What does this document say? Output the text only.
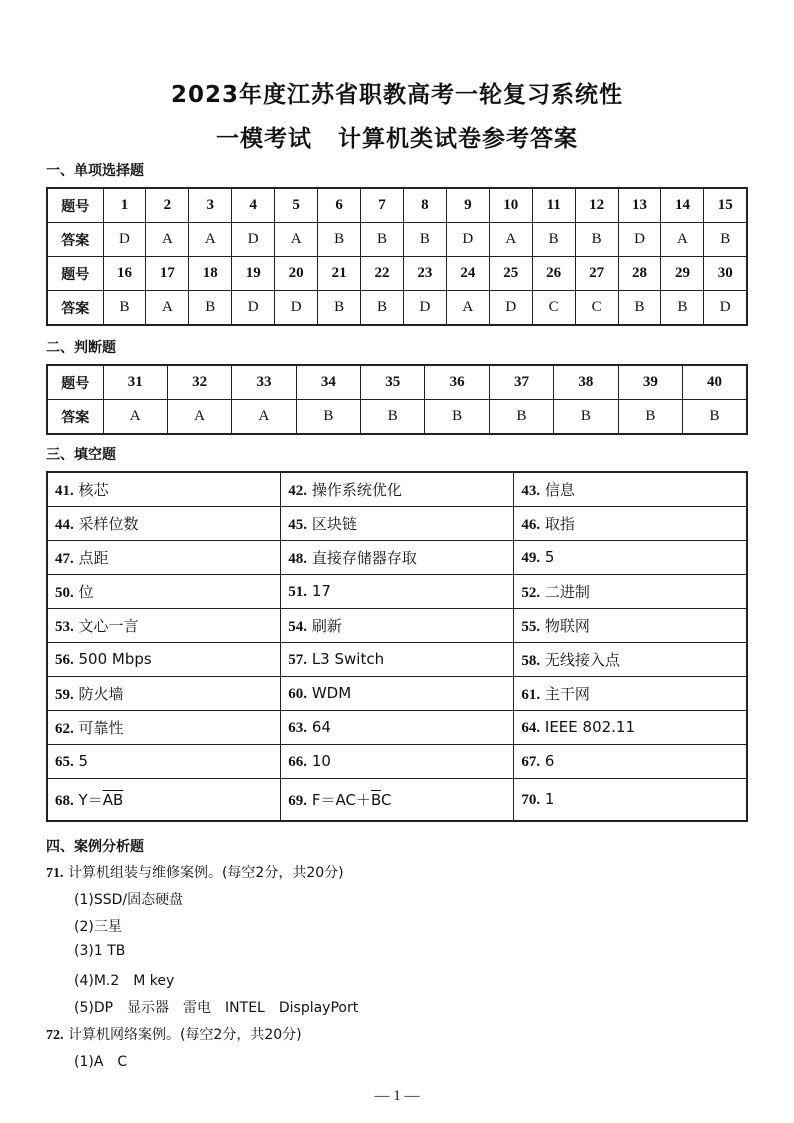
2023年度江苏省职教高考一轮复习系统性
一模考试 计算机类试卷参考答案
一、单项选择题
题号	1	2	3	4	5	6	7	8	9	10	11	12	13	14	15
答案	D	A	A	D	A	B	B	B	D	A	B	B	D	A	B
题号	16	17	18	19	20	21	22	23	24	25	26	27	28	29	30
答案	B	A	B	D	D	B	B	D	A	D	C	C	B	B	D
二、判断题
题号	31	32	33	34	35	36	37	38	39	40
答案	A	A	A	B	B	B	B	B	B	B
三、填空题
41. 核芯	42. 操作系统优化	43. 信息
44. 采样位数	45. 区块链	46. 取指
47. 点距	48. 直接存储器存取	49. 5
50. 位	51. 17	52. 二进制
53. 文心一言	54. 刷新	55. 物联网
56. 500 Mbps	57. L3 Switch	58. 无线接入点
59. 防火墙	60. WDM	61. 主干网
62. 可靠性	63. 64	64. IEEE 802.11
65. 5	66. 10	67. 6
68. $Y=\overline{AB}$	69. $F=AC+\overline{B}C$	70. 1
四、案例分析题
71. 计算机组装与维修案例。(每空2分，共20分)
(1)SSD/固态硬盘
(2)三星
(3)1 TB
(4)M.2　M key
(5)DP　显示器　雷电　INTEL　DisplayPort
72. 计算机网络案例。(每空2分，共20分)
(1)A　C
— 1 —
